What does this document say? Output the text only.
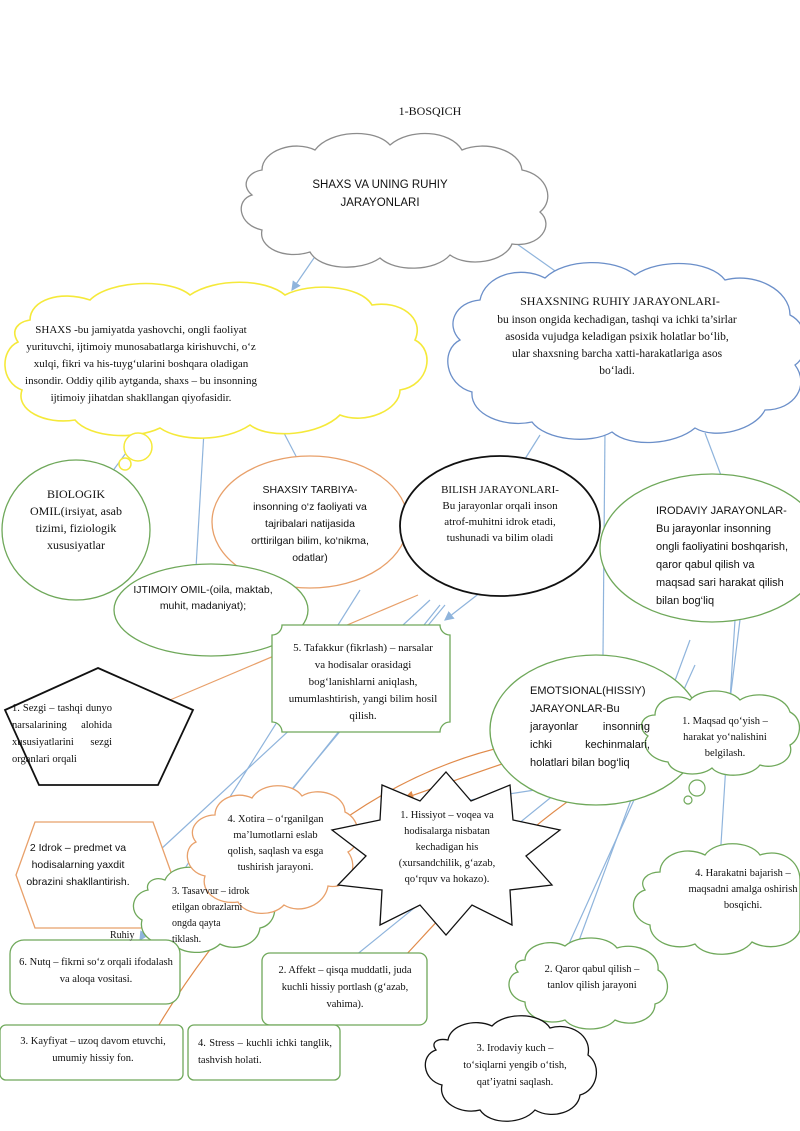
1-BOSQICH
SHAXS VA UNING RUHIY JARAYONLARI
SHAXS -bu jamiyatda yashovchi, ongli faoliyat yurituvchi, ijtimoiy munosabatlarga kirishuvchi, o‘z xulqi, fikri va his-tuyg‘ularini boshqara oladigan insondir. Oddiy qilib aytganda, shaxs – bu insonning ijtimoiy jihatdan shakllangan qiyofasidir.
SHAXSNING RUHIY JARAYONLARI-
bu inson ongida kechadigan, tashqi va ichki ta’sirlar asosida vujudga keladigan psixik holatlar bo‘lib, ular shaxsning barcha xatti-harakatlariga asos bo‘ladi.
BIOLOGIK OMIL(irsiyat, asab tizimi, fiziologik xususiyatlar
SHAXSIY TARBIYA-insonning o‘z faoliyati va tajribalari natijasida orttirilgan bilim, ko‘nikma, odatlar)
BILISH JARAYONLARI-Bu jarayonlar orqali inson atrof-muhitni idrok etadi, tushunadi va bilim oladi
IRODAVIY JARAYONLAR-Bu jarayonlar insonning ongli faoliyatini boshqarish, qaror qabul qilish va maqsad sari harakat qilish bilan bog‘liq
IJTIMOIY OMIL-(oila, maktab, muhit, madaniyat);
5. Tafakkur (fikrlash) – narsalar va hodisalar orasidagi bog‘lanishlarni aniqlash, umumlashtirish, yangi bilim hosil qilish.
1. Sezgi – tashqi dunyo narsalarining alohida xususiyatlarini sezgi organlari orqali
EMOTSIONAL(HISSIY) JARAYONLAR-Bu jarayonlar insonning ichki kechinmalari, holatlari bilan bog‘liq
1. Maqsad qo‘yish – harakat yo‘nalishini belgilash.
2 Idrok – predmet va hodisalarning yaxdit obrazini shakllantirish.
3. Tasavvur – idrok etilgan obrazlarni ongda qayta tiklash.
4. Xotira – o‘rganilgan ma’lumotlarni eslab qolish, saqlash va esga tushirish jarayoni.
1. Hissiyot – voqea va hodisalarga nisbatan kechadigan his (xursandchilik, g‘azab, qo‘rquv va hokazo).
4. Harakatni bajarish – maqsadni amalga oshirish bosqichi.
Ruhiy
6. Nutq – fikrni so‘z orqali ifodalash va aloqa vositasi.
2. Affekt – qisqa muddatli, juda kuchli hissiy portlash (g‘azab, vahima).
2. Qaror qabul qilish – tanlov qilish jarayoni
3. Kayfiyat – uzoq davom etuvchi, umumiy hissiy fon.
4. Stress – kuchli ichki tanglik, tashvish holati.
3. Irodaviy kuch – to‘siqlarni yengib o‘tish, qat’iyatni saqlash.
